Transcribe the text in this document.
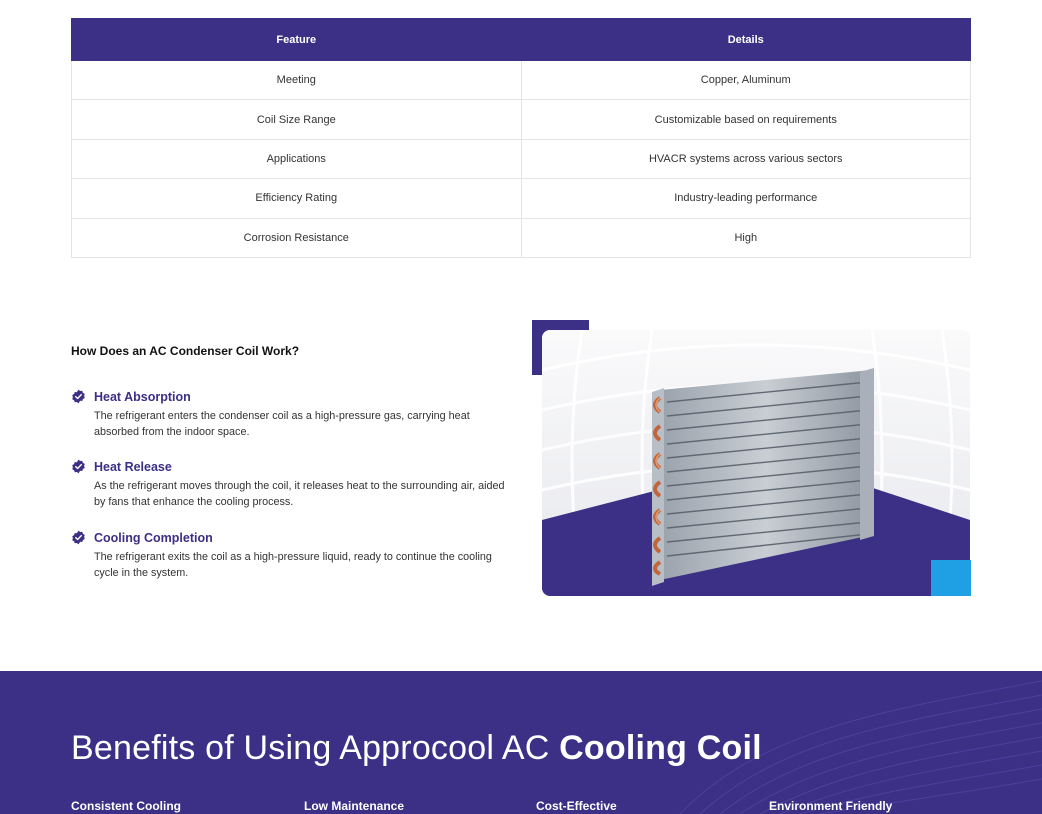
Feature	Details
Meeting	Copper, Aluminum
Coil Size Range	Customizable based on requirements
Applications	HVACR systems across various sectors
Efficiency Rating	Industry-leading performance
Corrosion Resistance	High
How Does an AC Condenser Coil Work?
Heat Absorption

The refrigerant enters the condenser coil as a high-pressure gas, carrying heat absorbed from the indoor space.

Heat Release

As the refrigerant moves through the coil, it releases heat to the surrounding air, aided by fans that enhance the cooling process.

Cooling Completion

The refrigerant exits the coil as a high-pressure liquid, ready to continue the cooling cycle in the system.

Benefits of Using Approcool AC Cooling Coil
Consistent Cooling	Low Maintenance	Cost-Effective	Environment Friendly
